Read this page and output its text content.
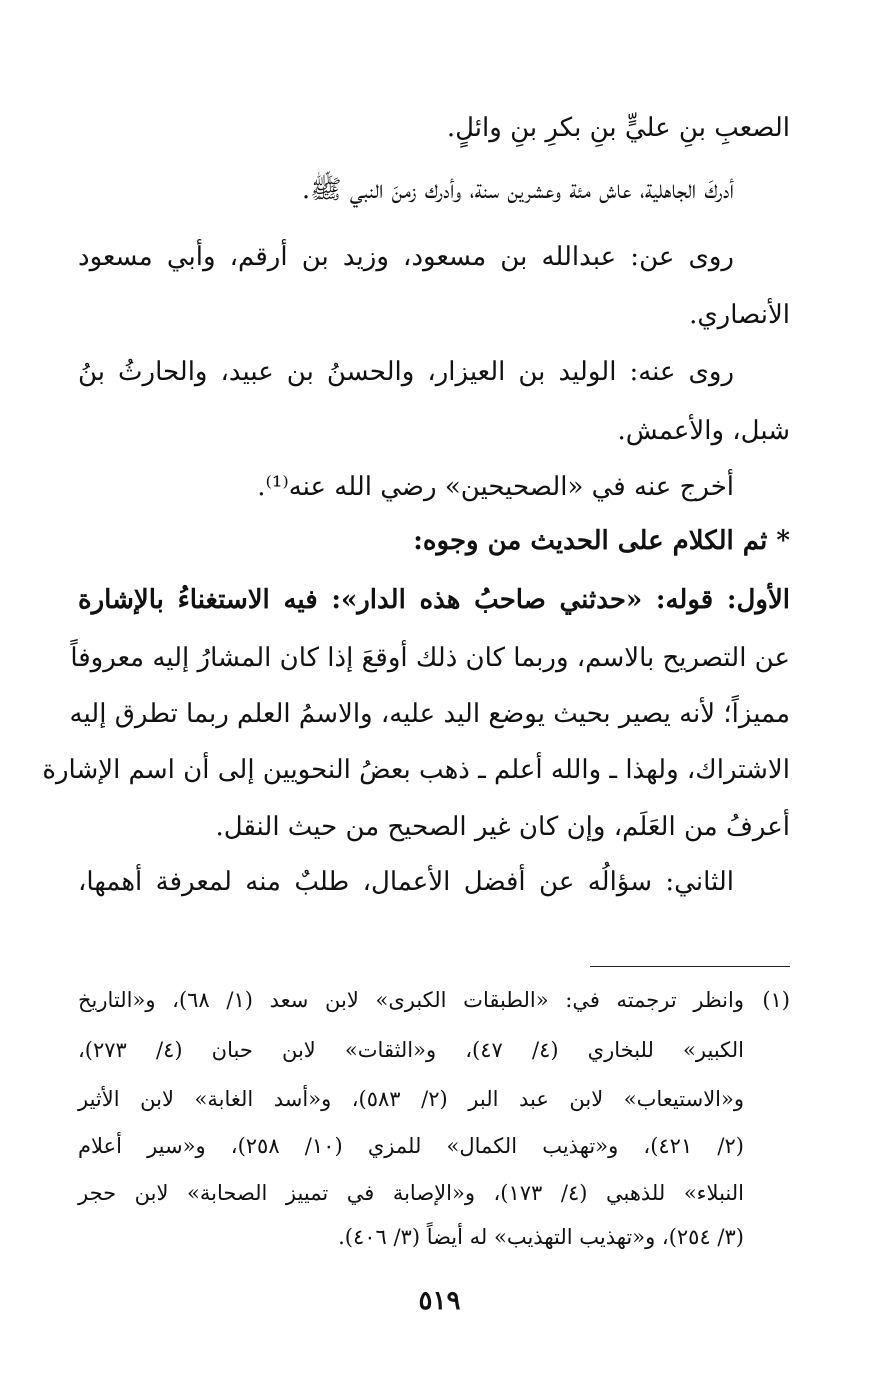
الصعبِ بنِ عليٍّ بنِ بكرِ بنِ وائلٍ.
أدركَ الجاهلية، عاش مئة وعشرين سنة، وأدرك زمنَ النبي ﷺ.
روى عن: عبدالله بن مسعود، وزيد بن أرقم، وأبي مسعود
الأنصاري.
روى عنه: الوليد بن العيزار، والحسنُ بن عبيد، والحارثُ بنُ
شبل، والأعمش.
أخرج عنه في «الصحيحين» رضي الله عنه⁽¹⁾.
* ثم الكلام على الحديث من وجوه:
الأول: قوله: «حدثني صاحبُ هذه الدار»: فيه الاستغناءُ بالإشارة
عن التصريح بالاسم، وربما كان ذلك أوقعَ إذا كان المشارُ إليه معروفاً
مميزاً؛ لأنه يصير بحيث يوضع اليد عليه، والاسمُ العلم ربما تطرق إليه
الاشتراك، ولهذا ـ والله أعلم ـ ذهب بعضُ النحويين إلى أن اسم الإشارة
أعرفُ من العَلَم، وإن كان غير الصحيح من حيث النقل.
الثاني: سؤالُه عن أفضل الأعمال، طلبٌ منه لمعرفة أهمها،
(١)
وانظر ترجمته في: «الطبقات الكبرى» لابن سعد (١/ ٦٨)، و«التاريخ
الكبير» للبخاري (٤/ ٤٧)، و«الثقات» لابن حبان (٤/ ٢٧٣)،
و«الاستيعاب» لابن عبد البر (٢/ ٥٨٣)، و«أسد الغابة» لابن الأثير
(٢/ ٤٢١)، و«تهذيب الكمال» للمزي (١٠/ ٢٥٨)، و«سير أعلام
النبلاء» للذهبي (٤/ ١٧٣)، و«الإصابة في تمييز الصحابة» لابن حجر
(٣/ ٢٥٤)، و«تهذيب التهذيب» له أيضاً (٣/ ٤٠٦).
٥١٩
